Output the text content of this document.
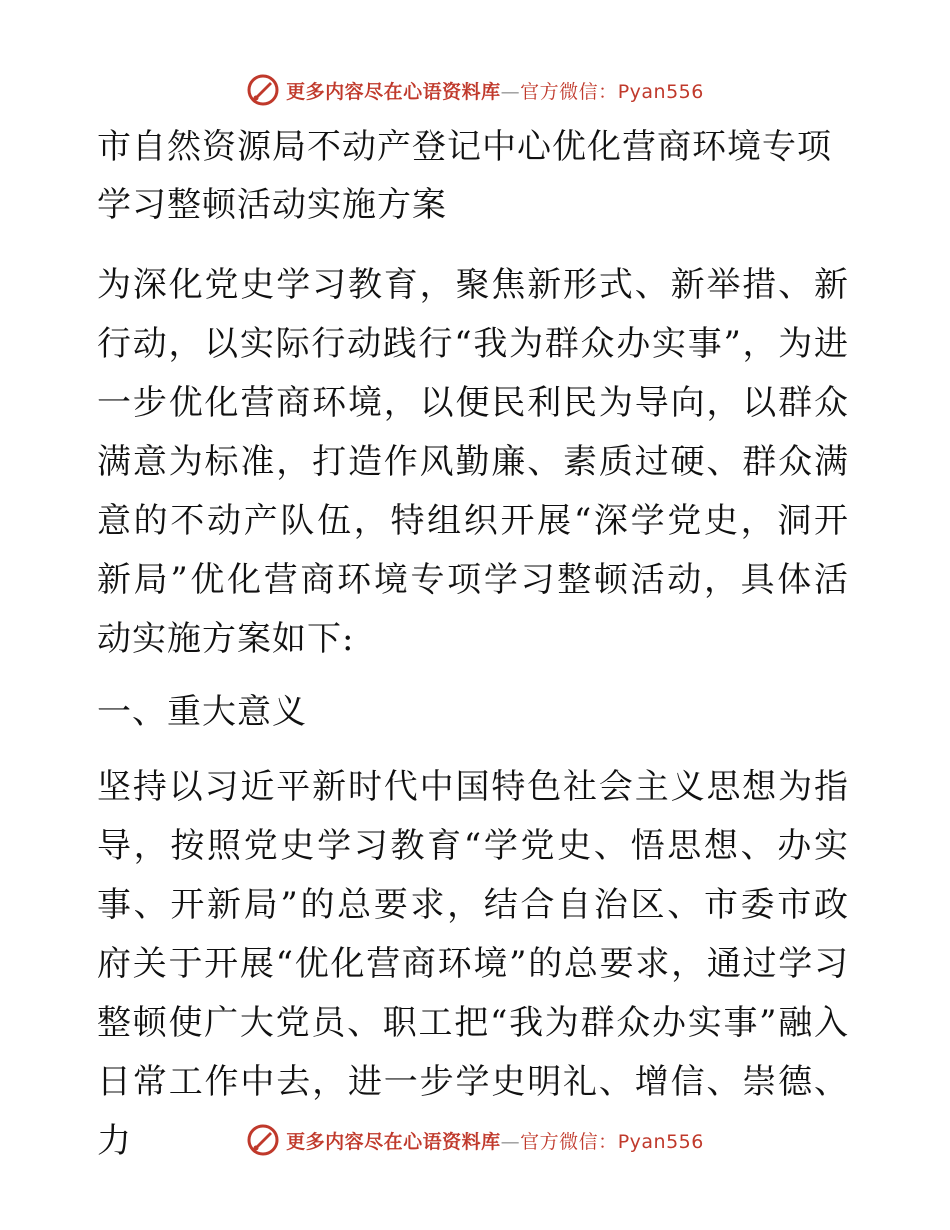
更多内容尽在心语资料库—官方微信：Pyan556

市自然资源局不动产登记中心优化营商环境专项学习整顿活动实施方案

为深化党史学习教育，聚焦新形式、新举措、新行动，以实际行动践行“我为群众办实事”，为进一步优化营商环境，以便民利民为导向，以群众满意为标准，打造作风勤廉、素质过硬、群众满意的不动产队伍，特组织开展“深学党史，洞开新局”优化营商环境专项学习整顿活动，具体活动实施方案如下:

一、重大意义

坚持以习近平新时代中国特色社会主义思想为指导，按照党史学习教育“学党史、悟思想、办实事、开新局”的总要求，结合自治区、市委市政府关于开展“优化营商环境”的总要求，通过学习整顿使广大党员、职工把“我为群众办实事”融入日常工作中去，进一步学史明礼、增信、崇德、力	更多内容尽在心语资料库—官方微信：Pyan556
